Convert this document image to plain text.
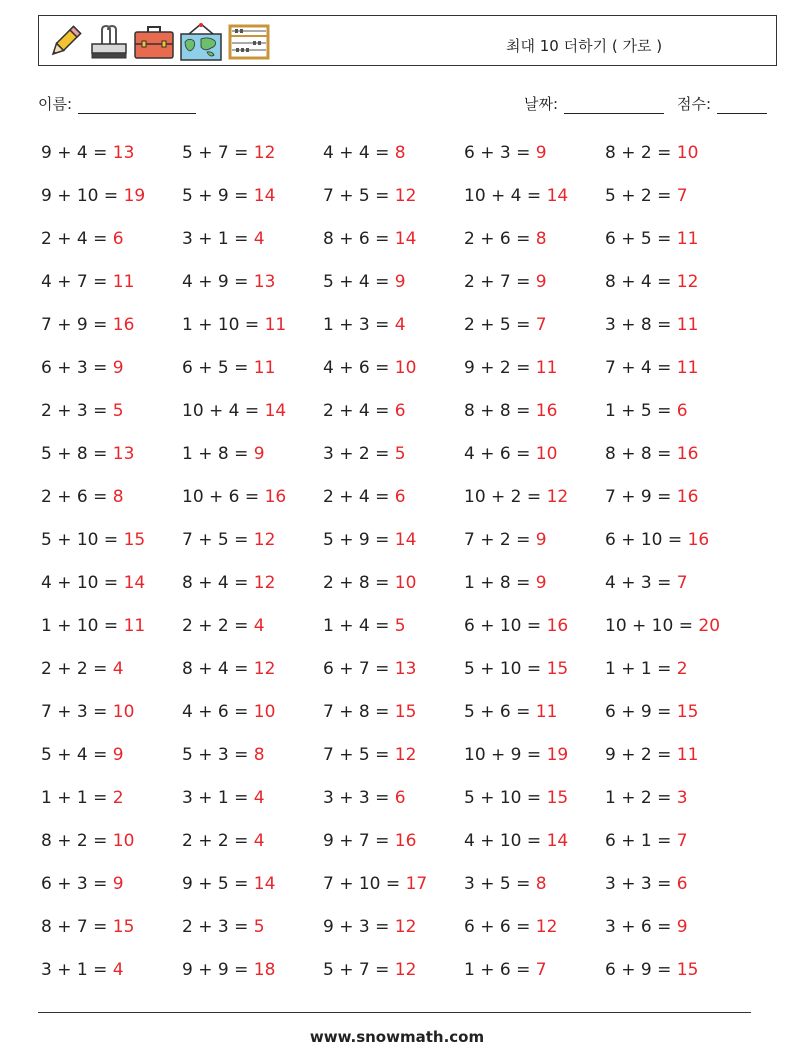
최대 10 더하기 ( 가로 )
이름:	날짜:	점수:
9 + 4 = 13	5 + 7 = 12	4 + 4 = 8	6 + 3 = 9	8 + 2 = 10
9 + 10 = 19 5 + 9 = 14	7 + 5 = 12	10 + 4 = 14 5 + 2 = 7
2 + 4 = 6	3 + 1 = 4	8 + 6 = 14	2 + 6 = 8	6 + 5 = 11
4 + 7 = 11	4 + 9 = 13	5 + 4 = 9	2 + 7 = 9	8 + 4 = 12
7 + 9 = 16	1 + 10 = 11 1 + 3 = 4	2 + 5 = 7	3 + 8 = 11
6 + 3 = 9	6 + 5 = 11	4 + 6 = 10	9 + 2 = 11	7 + 4 = 11
2 + 3 = 5	10 + 4 = 14 2 + 4 = 6	8 + 8 = 16	1 + 5 = 6
5 + 8 = 13	1 + 8 = 9	3 + 2 = 5	4 + 6 = 10	8 + 8 = 16
2 + 6 = 8	10 + 6 = 16 2 + 4 = 6	10 + 2 = 12 7 + 9 = 16
5 + 10 = 15 7 + 5 = 12	5 + 9 = 14	7 + 2 = 9	6 + 10 = 16
4 + 10 = 14 8 + 4 = 12	2 + 8 = 10	1 + 8 = 9	4 + 3 = 7
1 + 10 = 11 2 + 2 = 4	1 + 4 = 5	6 + 10 = 16 10 + 10 = 20
2 + 2 = 4	8 + 4 = 12	6 + 7 = 13	5 + 10 = 15 1 + 1 = 2
7 + 3 = 10	4 + 6 = 10	7 + 8 = 15	5 + 6 = 11	6 + 9 = 15
5 + 4 = 9	5 + 3 = 8	7 + 5 = 12	10 + 9 = 19 9 + 2 = 11
1 + 1 = 2	3 + 1 = 4	3 + 3 = 6	5 + 10 = 15 1 + 2 = 3
8 + 2 = 10	2 + 2 = 4	9 + 7 = 16	4 + 10 = 14 6 + 1 = 7
6 + 3 = 9	9 + 5 = 14	7 + 10 = 17 3 + 5 = 8	3 + 3 = 6
8 + 7 = 15	2 + 3 = 5	9 + 3 = 12	6 + 6 = 12	3 + 6 = 9
3 + 1 = 4	9 + 9 = 18	5 + 7 = 12	1 + 6 = 7	6 + 9 = 15
www.snowmath.com
